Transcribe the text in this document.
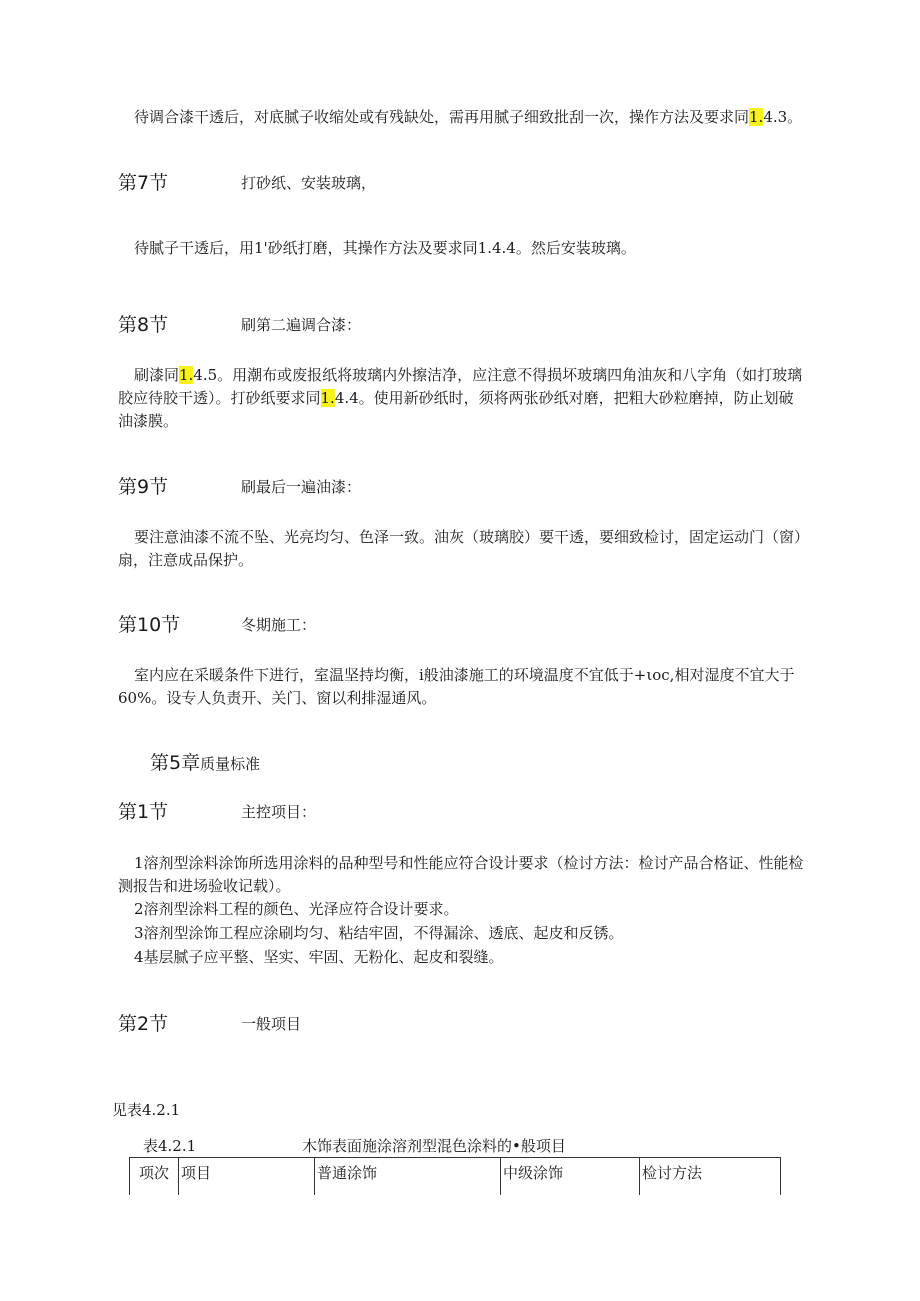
待调合漆干透后，对底腻子收缩处或有残缺处，需再用腻子细致批刮一次，操作方法及要求同1.4.3。
第7节	打砂纸、安装玻璃，
待腻子干透后，用1'砂纸打磨，其操作方法及要求同1.4.4。然后安装玻璃。
第8节	刷第二遍调合漆：
刷漆同1.4.5。用潮布或废报纸将玻璃内外擦洁净，应注意不得损坏玻璃四角油灰和八字角（如打玻璃胶应待胶干透）。打砂纸要求同1.4.4。使用新砂纸时，须将两张砂纸对磨，把粗大砂粒磨掉，防止划破油漆膜。
第9节	刷最后一遍油漆：
要注意油漆不流不坠、光亮均匀、色泽一致。油灰（玻璃胶）要干透，要细致检讨，固定运动门（窗）扇，注意成品保护。
第10节	冬期施工：
室内应在采暖条件下进行，室温坚持均衡，i般油漆施工的环境温度不宜低于+ιoc,相对湿度不宜大于60%。设专人负责开、关门、窗以利排湿通风。
第5章质量标准
第1节	主控项目：
1溶剂型涂料涂饰所选用涂料的品种型号和性能应符合设计要求（检讨方法：检讨产品合格证、性能检测报告和进场验收记载）。
2溶剂型涂料工程的颜色、光泽应符合设计要求。
3溶剂型涂饰工程应涂刷均匀、粘结牢固，不得漏涂、透底、起皮和反锈。
4基层腻子应平整、坚实、牢固、无粉化、起皮和裂缝。
第2节	一般项目
见表4.2.1
表4.2.1	木饰表面施涂溶剂型混色涂料的•般项目
项次	项目	普通涂饰	中级涂饰	检讨方法
